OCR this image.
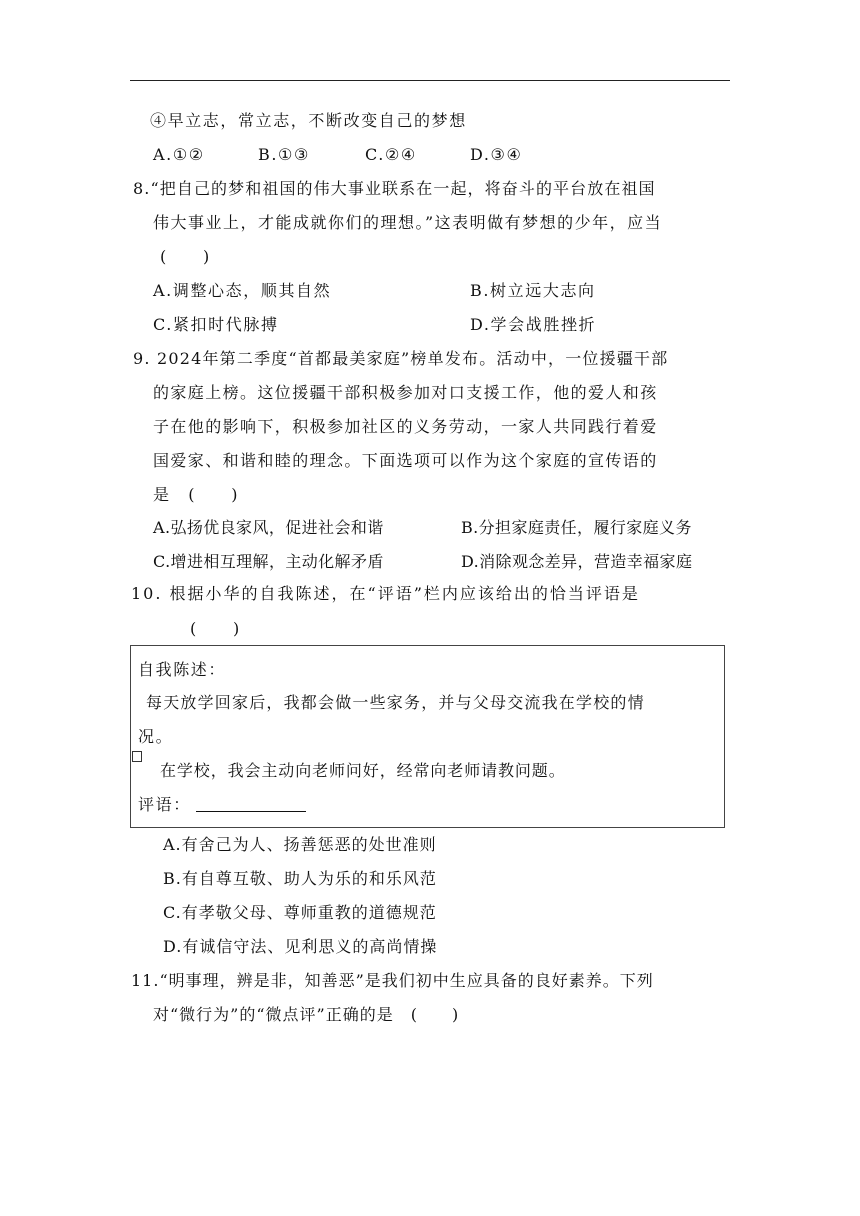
④早立志，常立志，不断改变自己的梦想
A.①②	B.①③	C.②④	D.③④
8.“把自己的梦和祖国的伟大事业联系在一起，将奋斗的平台放在祖国
伟大事业上，才能成就你们的理想。”这表明做有梦想的少年，应当
(　　)
A.调整心态，顺其自然	B.树立远大志向
C.紧扣时代脉搏	D.学会战胜挫折
9. 2024年第二季度“首都最美家庭”榜单发布。活动中，一位援疆干部
的家庭上榜。这位援疆干部积极参加对口支援工作，他的爱人和孩
子在他的影响下，积极参加社区的义务劳动，一家人共同践行着爱
国爱家、和谐和睦的理念。下面选项可以作为这个家庭的宣传语的
是　(　　)
A.弘扬优良家风，促进社会和谐	B.分担家庭责任，履行家庭义务
C.增进相互理解，主动化解矛盾	D.消除观念差异，营造幸福家庭
10. 根据小华的自我陈述，在“评语”栏内应该给出的恰当评语是
(　　)
自我陈述：
每天放学回家后，我都会做一些家务，并与父母交流我在学校的情
况。
在学校，我会主动向老师问好，经常向老师请教问题。
评语：
A.有舍己为人、扬善惩恶的处世准则
B.有自尊互敬、助人为乐的和乐风范
C.有孝敬父母、尊师重教的道德规范
D.有诚信守法、见利思义的高尚情操
11.“明事理，辨是非，知善恶”是我们初中生应具备的良好素养。下列
对“微行为”的“微点评”正确的是　(　　)
